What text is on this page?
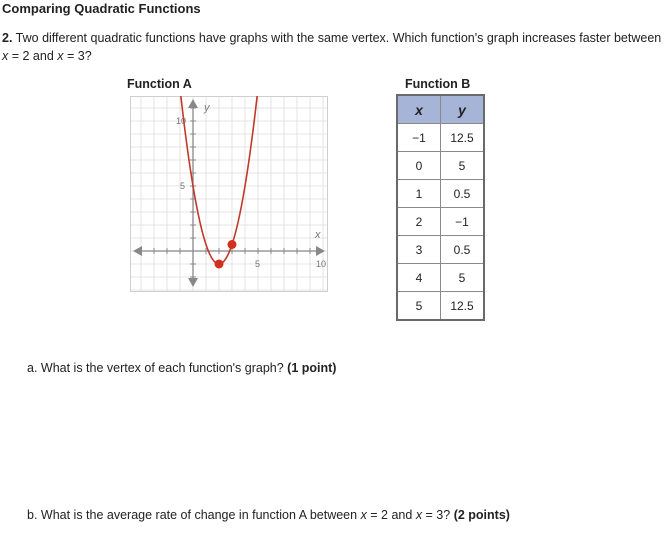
Comparing Quadratic Functions
2. Two different quadratic functions have graphs with the same vertex. Which function's graph increases faster between x = 2 and x = 3?
Function A	Function B
y
x
10
5
5	10
x	y
−1	12.5
0	5
1	0.5
2	−1
3	0.5
4	5
5	12.5
a. What is the vertex of each function's graph? (1 point)
b. What is the average rate of change in function A between x = 2 and x = 3? (2 points)
